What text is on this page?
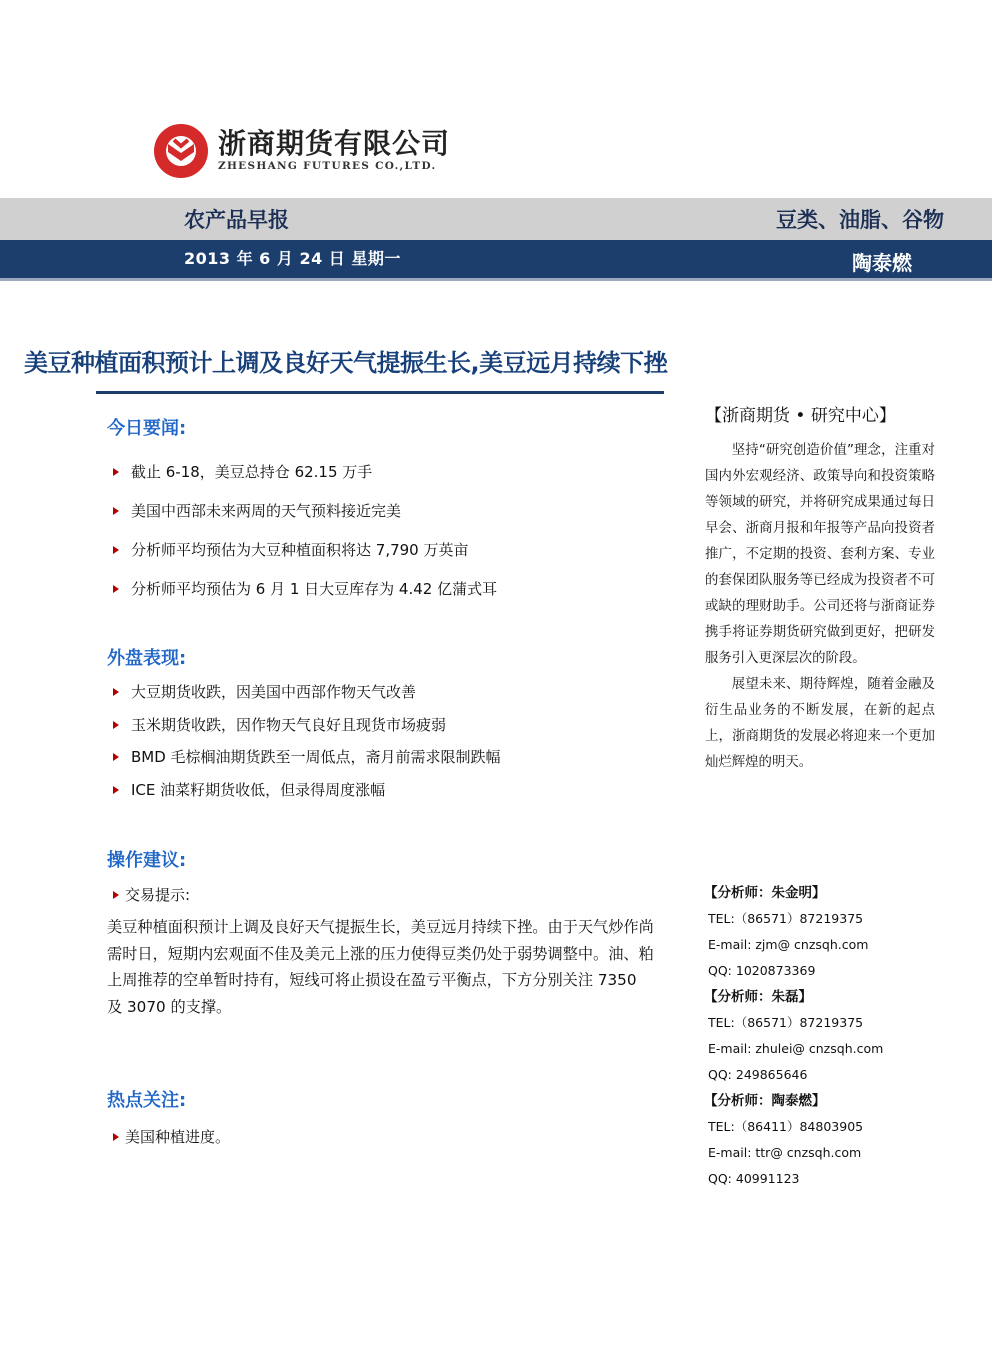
浙商期货有限公司
ZHESHANG FUTURES CO.,LTD.
农产品早报	豆类、油脂、谷物
2013 年 6 月 24 日 星期一	陶泰燃
美豆种植面积预计上调及良好天气提振生长,美豆远月持续下挫
今日要闻:
截止 6-18，美豆总持仓 62.15 万手
美国中西部未来两周的天气预料接近完美
分析师平均预估为大豆种植面积将达 7,790 万英亩
分析师平均预估为 6 月 1 日大豆库存为 4.42 亿蒲式耳
外盘表现:
大豆期货收跌，因美国中西部作物天气改善
玉米期货收跌，因作物天气良好且现货市场疲弱
BMD 毛棕榈油期货跌至一周低点，斋月前需求限制跌幅
ICE 油菜籽期货收低，但录得周度涨幅
操作建议:
交易提示:
美豆种植面积预计上调及良好天气提振生长，美豆远月持续下挫。由于天气炒作尚需时日，短期内宏观面不佳及美元上涨的压力使得豆类仍处于弱势调整中。油、粕上周推荐的空单暂时持有，短线可将止损设在盈亏平衡点，下方分别关注 7350 及 3070 的支撑。
热点关注:
美国种植进度。
【浙商期货 • 研究中心】

坚持“研究创造价值”理念，注重对国内外宏观经济、政策导向和投资策略等领域的研究，并将研究成果通过每日早会、浙商月报和年报等产品向投资者推广，不定期的投资、套利方案、专业的套保团队服务等已经成为投资者不可或缺的理财助手。公司还将与浙商证券携手将证券期货研究做到更好，把研发服务引入更深层次的阶段。

展望未来、期待辉煌，随着金融及衍生品业务的不断发展，在新的起点上，浙商期货的发展必将迎来一个更加灿烂辉煌的明天。

【分析师：朱金明】
TEL:（86571）87219375
E-mail: zjm@ cnzsqh.com
QQ: 1020873369
【分析师：朱磊】
TEL:（86571）87219375
E-mail: zhulei@ cnzsqh.com
QQ: 249865646
【分析师：陶泰燃】
TEL:（86411）84803905
E-mail: ttr@ cnzsqh.com
QQ: 40991123
